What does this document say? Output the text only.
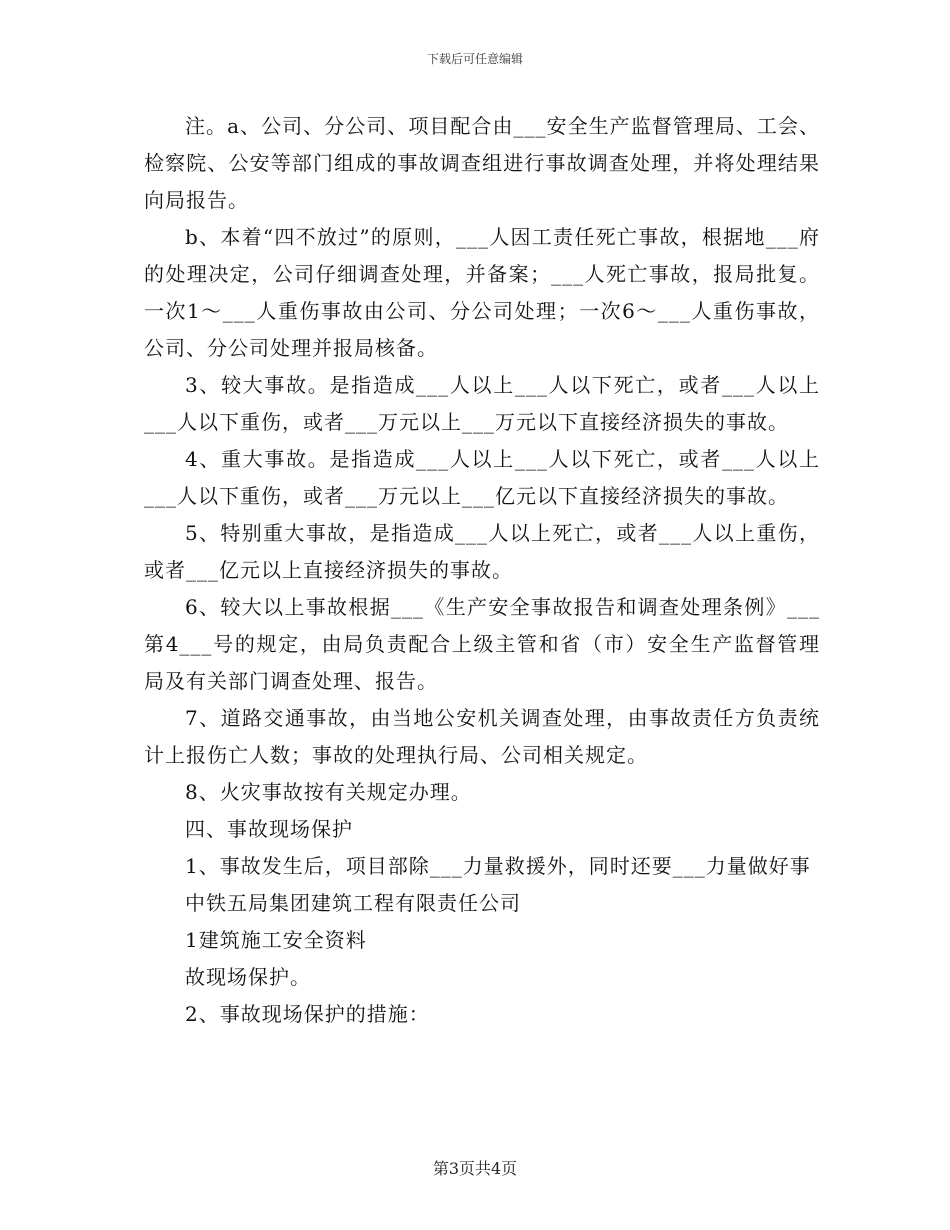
下载后可任意编辑
注。a、公司、分公司、项目配合由___安全生产监督管理局、工会、检察院、公安等部门组成的事故调查组进行事故调查处理，并将处理结果向局报告。
b、本着“四不放过”的原则，___人因工责任死亡事故，根据地___府的处理决定，公司仔细调查处理，并备案；___人死亡事故，报局批复。一次1～___人重伤事故由公司、分公司处理；一次6～___人重伤事故，公司、分公司处理并报局核备。
3、较大事故。是指造成___人以上___人以下死亡，或者___人以上___人以下重伤，或者___万元以上___万元以下直接经济损失的事故。
4、重大事故。是指造成___人以上___人以下死亡，或者___人以上___人以下重伤，或者___万元以上___亿元以下直接经济损失的事故。
5、特别重大事故，是指造成___人以上死亡，或者___人以上重伤，或者___亿元以上直接经济损失的事故。
6、较大以上事故根据___《生产安全事故报告和调查处理条例》___第4___号的规定，由局负责配合上级主管和省（市）安全生产监督管理局及有关部门调查处理、报告。
7、道路交通事故，由当地公安机关调查处理，由事故责任方负责统计上报伤亡人数；事故的处理执行局、公司相关规定。
8、火灾事故按有关规定办理。
四、事故现场保护
1、事故发生后，项目部除___力量救援外，同时还要___力量做好事
中铁五局集团建筑工程有限责任公司
1建筑施工安全资料
故现场保护。
2、事故现场保护的措施：
第3页共4页
